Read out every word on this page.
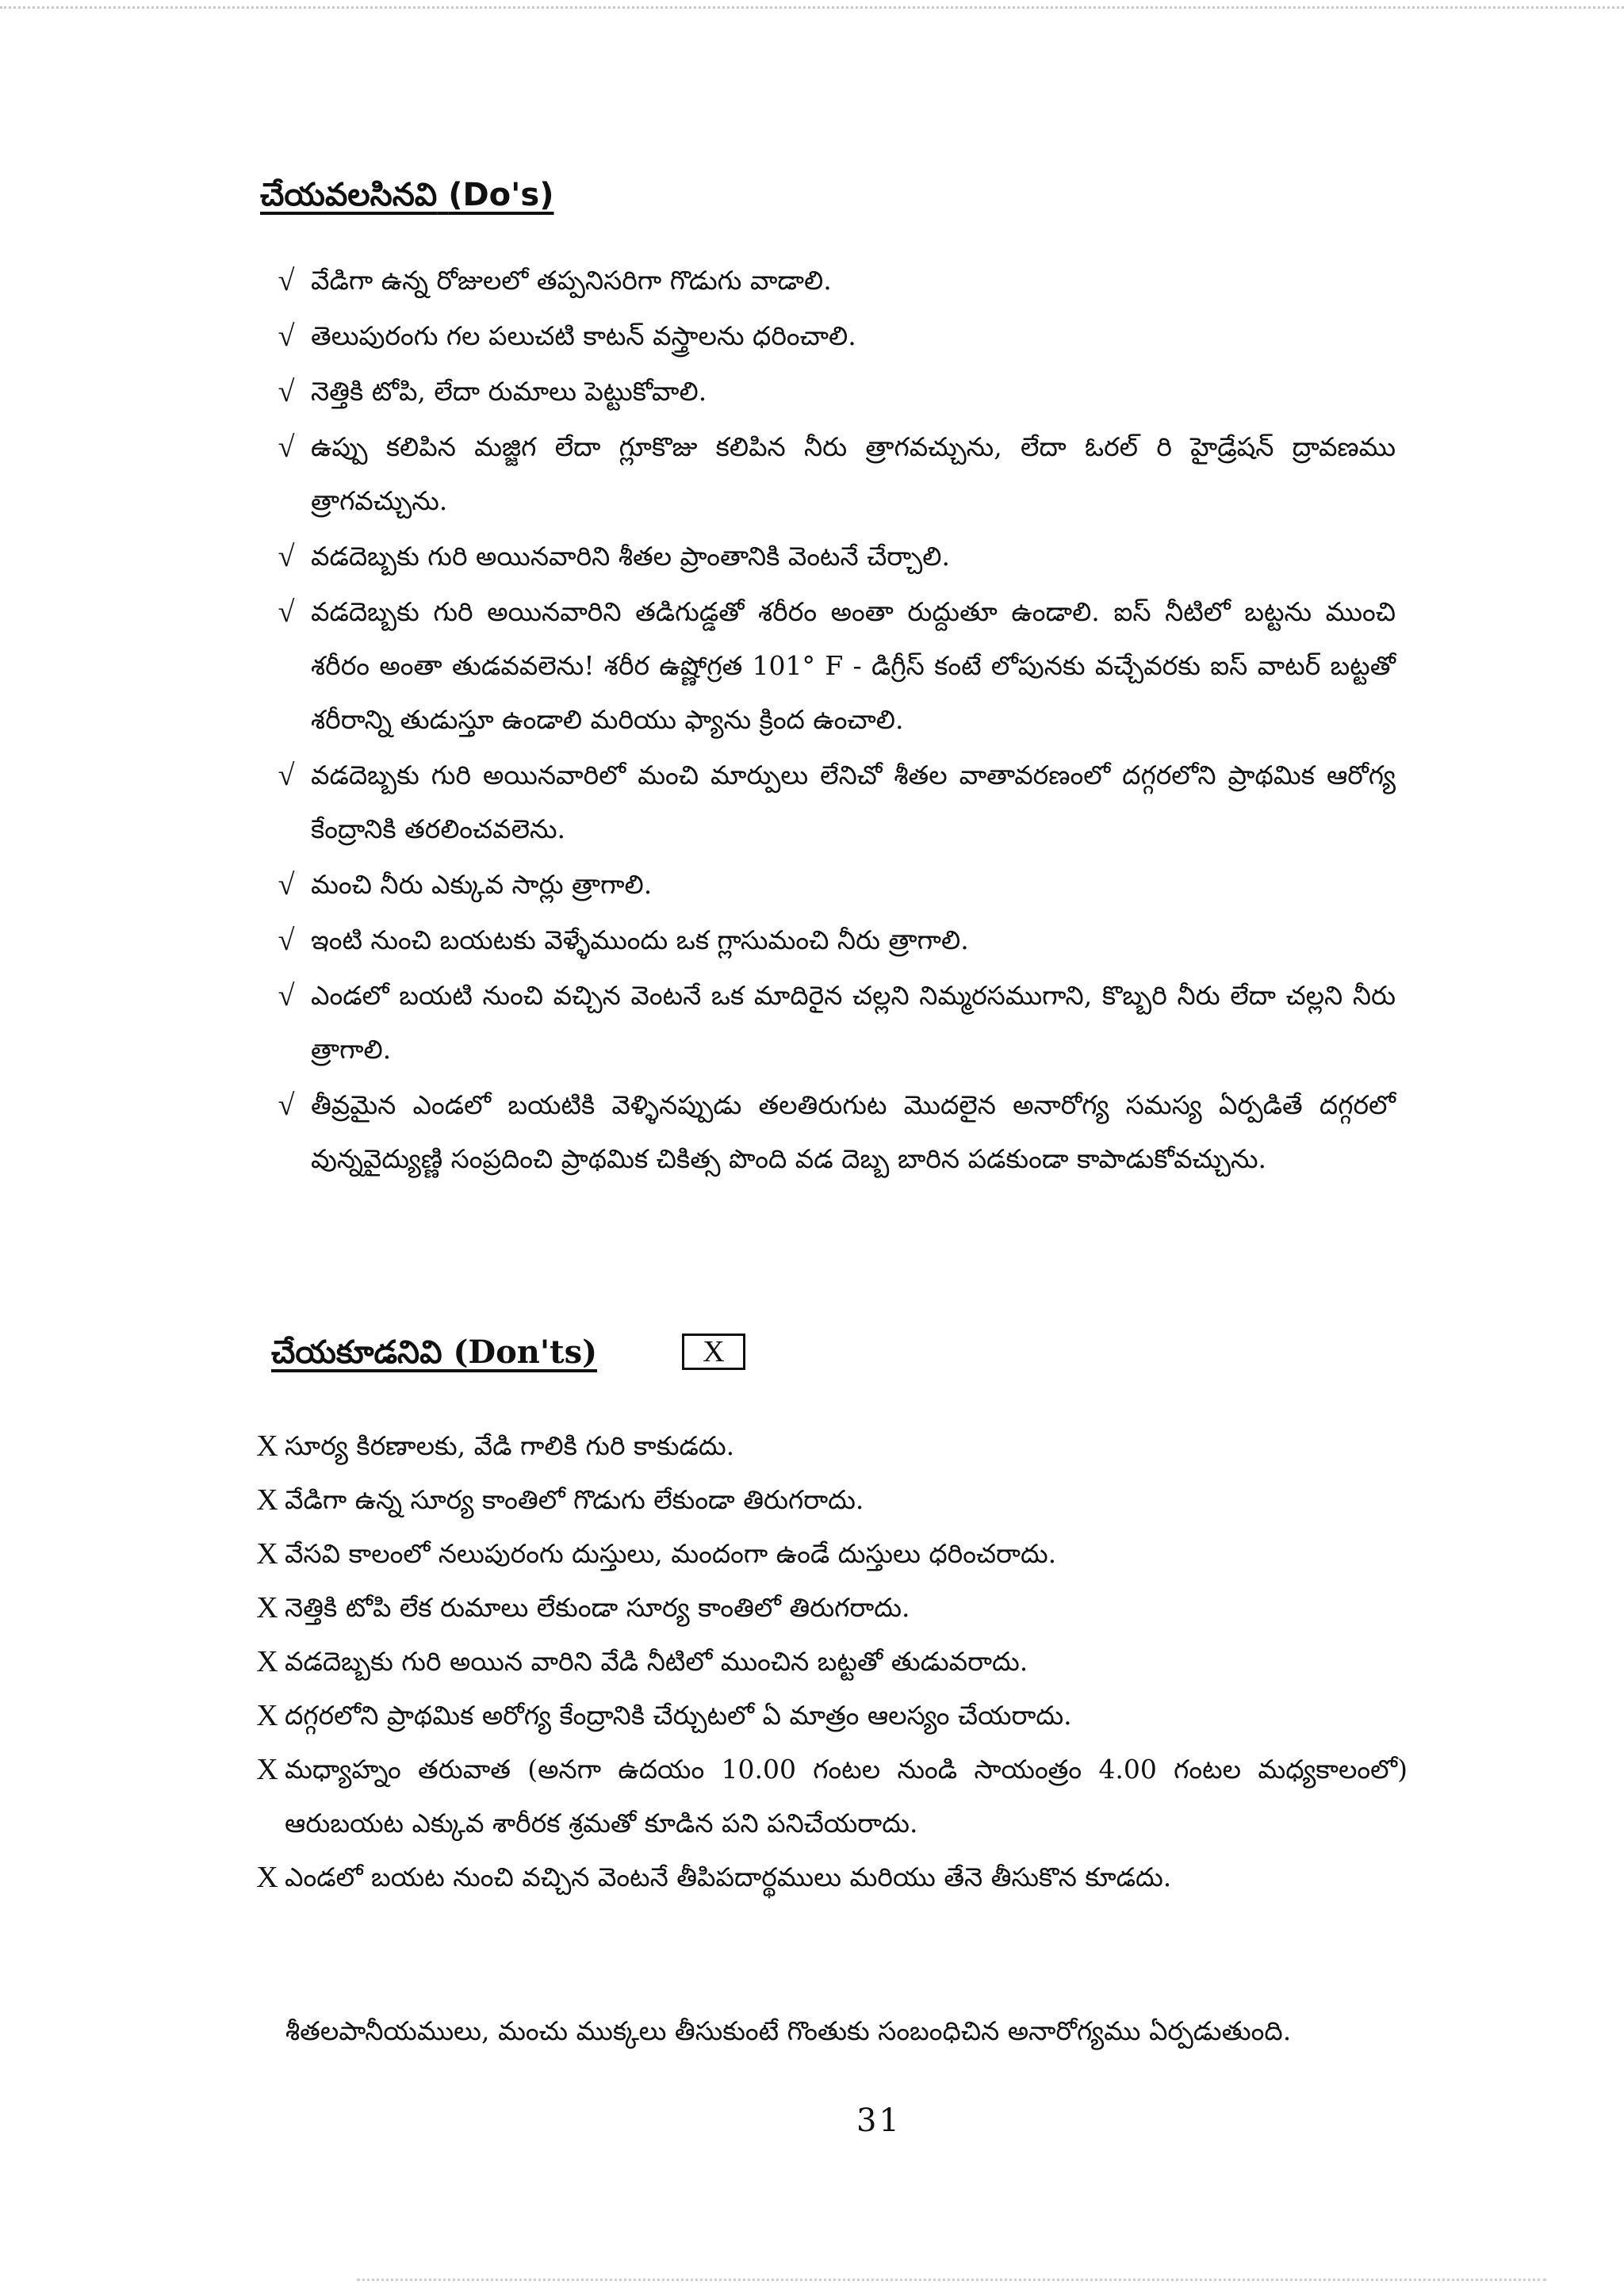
చేయవలసినవి (Do's)
√ వేడిగా ఉన్న రోజులలో తప్పనిసరిగా గొడుగు వాడాలి.
√ తెలుపురంగు గల పలుచటి కాటన్ వస్త్రాలను ధరించాలి.
√ నెత్తికి టోపి, లేదా రుమాలు పెట్టుకోవాలి.
√ ఉప్పు కలిపిన మజ్జిగ లేదా గ్లూకొజు కలిపిన నీరు త్రాగవచ్చును, లేదా ఓరల్ రి హైడ్రేషన్ ద్రావణము త్రాగవచ్చును.
√ వడదెబ్బకు గురి అయినవారిని శీతల ప్రాంతానికి వెంటనే చేర్చాలి.
√ వడదెబ్బకు గురి అయినవారిని తడిగుడ్డతో శరీరం అంతా రుద్దుతూ ఉండాలి. ఐస్ నీటిలో బట్టను ముంచి శరీరం అంతా తుడవవలెను! శరీర ఉష్ణోగ్రత 101° F - డిగ్రీస్ కంటే లోపునకు వచ్చేవరకు ఐస్ వాటర్ బట్టతో శరీరాన్ని తుడుస్తూ ఉండాలి మరియు ఫ్యాను క్రింద ఉంచాలి.
√ వడదెబ్బకు గురి అయినవారిలో మంచి మార్పులు లేనిచో శీతల వాతావరణంలో దగ్గరలోని ప్రాథమిక ఆరోగ్య కేంద్రానికి తరలించవలెను.
√ మంచి నీరు ఎక్కువ సార్లు త్రాగాలి.
√ ఇంటి నుంచి బయటకు వెళ్ళేముందు ఒక గ్లాసుమంచి నీరు త్రాగాలి.
√ ఎండలో బయటి నుంచి వచ్చిన వెంటనే ఒక మాదిరైన చల్లని నిమ్మరసముగాని, కొబ్బరి నీరు లేదా చల్లని నీరు త్రాగాలి.
√ తీవ్రమైన ఎండలో బయటికి వెళ్ళినప్పుడు తలతిరుగుట మొదలైన అనారోగ్య సమస్య ఏర్పడితే దగ్గరలో వున్నవైద్యుణ్ణి సంప్రదించి ప్రాథమిక చికిత్స పొంది వడ దెబ్బ బారిన పడకుండా కాపాడుకోవచ్చును.
చేయకూడనివి (Don'ts)	X
X సూర్య కిరణాలకు, వేడి గాలికి గురి కాకుడదు.
X వేడిగా ఉన్న సూర్య కాంతిలో గొడుగు లేకుండా తిరుగరాదు.
X వేసవి కాలంలో నలుపురంగు దుస్తులు, మందంగా ఉండే దుస్తులు ధరించరాదు.
X నెత్తికి టోపి లేక రుమాలు లేకుండా సూర్య కాంతిలో తిరుగరాదు.
X వడదెబ్బకు గురి అయిన వారిని వేడి నీటిలో ముంచిన బట్టతో తుడువరాదు.
X దగ్గరలోని ప్రాథమిక అరోగ్య కేంద్రానికి చేర్చుటలో ఏ మాత్రం ఆలస్యం చేయరాదు.
X మధ్యాహ్నం తరువాత (అనగా ఉదయం 10.00 గంటల నుండి సాయంత్రం 4.00 గంటల మధ్యకాలంలో) ఆరుబయట ఎక్కువ శారీరక శ్రమతో కూడిన పని పనిచేయరాదు.
X ఎండలో బయట నుంచి వచ్చిన వెంటనే తీపిపదార్థములు మరియు తేనె తీసుకొన కూడదు.
శీతలపానీయములు, మంచు ముక్కలు తీసుకుంటే గొంతుకు సంబంధిచిన అనారోగ్యము ఏర్పడుతుంది.
31
